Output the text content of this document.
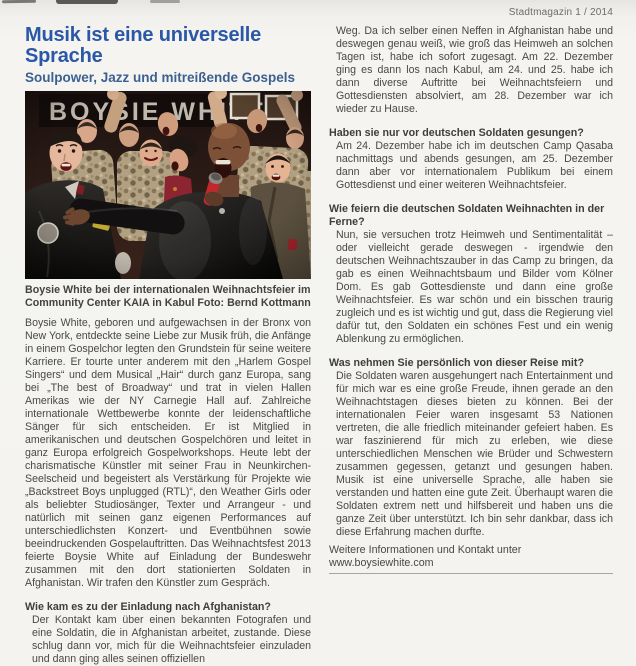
Stadtmagazin 1 / 2014
Musik ist eine universelle Sprache
Soulpower, Jazz und mitreißende Gospels

Boysie White bei der internationalen Weihnachtsfeier im Community Center KAIA in Kabul Foto: Bernd Kottmann

Boysie White, geboren und aufgewachsen in der Bronx von New York, entdeckte seine Liebe zur Musik früh, die Anfänge in einem Gospelchor legten den Grundstein für seine weitere Karriere. Er tourte unter anderem mit den „Harlem Gospel Singers“ und dem Musical „Hair“ durch ganz Europa, sang bei „The best of Broadway“ und trat in vielen Hallen Amerikas wie der NY Carnegie Hall auf. Zahlreiche internationale Wettbewerbe konnte der leidenschaftliche Sänger für sich entscheiden. Er ist Mitglied in amerikanischen und deutschen Gospelchören und leitet in ganz Europa erfolgreich Gospelworkshops. Heute lebt der charismatische Künstler mit seiner Frau in Neunkirchen-Seelscheid und begeistert als Verstärkung für Projekte wie „Backstreet Boys unplugged (RTL)“, den Weather Girls oder als beliebter Studiosänger, Texter und Arrangeur - und natürlich mit seinen ganz eigenen Performances auf unterschiedlichsten Konzert- und Eventbühnen sowie beeindruckenden Gospelauftritten. Das Weihnachtsfest 2013 feierte Boysie White auf Einladung der Bundeswehr zusammen mit den dort stationierten Soldaten in Afghanistan. Wir trafen den Künstler zum Gespräch.

Wie kam es zu der Einladung nach Afghanistan?

Der Kontakt kam über einen bekannten Fotografen und eine Soldatin, die in Afghanistan arbeitet, zustande. Diese schlug dann vor, mich für die Weihnachtsfeier einzuladen und dann ging alles seinen offiziellen

Weg. Da ich selber einen Neffen in Afghanistan habe und deswegen genau weiß, wie groß das Heimweh an solchen Tagen ist, habe ich sofort zugesagt. Am 22. Dezember ging es dann los nach Kabul, am 24. und 25. habe ich dann diverse Auftritte bei Weihnachtsfeiern und Gottesdiensten absolviert, am 28. Dezember war ich wieder zu Hause.

Haben sie nur vor deutschen Soldaten gesungen?

Am 24. Dezember habe ich im deutschen Camp Qasaba nachmittags und abends gesungen, am 25. Dezember dann aber vor internationalem Publikum bei einem Gottesdienst und einer weiteren Weihnachtsfeier.

Wie feiern die deutschen Soldaten Weihnachten in der Ferne?

Nun, sie versuchen trotz Heimweh und Sentimentalität – oder vielleicht gerade deswegen - irgendwie den deutschen Weihnachtszauber in das Camp zu bringen, da gab es einen Weihnachtsbaum und Bilder vom Kölner Dom. Es gab Gottesdienste und dann eine große Weihnachtsfeier. Es war schön und ein bisschen traurig zugleich und es ist wichtig und gut, dass die Regierung viel dafür tut, den Soldaten ein schönes Fest und ein wenig Ablenkung zu ermöglichen.

Was nehmen Sie persönlich von dieser Reise mit?

Die Soldaten waren ausgehungert nach Entertainment und für mich war es eine große Freude, ihnen gerade an den Weihnachtstagen dieses bieten zu können. Bei der internationalen Feier waren insgesamt 53 Nationen vertreten, die alle friedlich miteinander gefeiert haben. Es war faszinierend für mich zu erleben, wie diese unterschiedlichen Menschen wie Brüder und Schwestern zusammen gegessen, getanzt und gesungen haben. Musik ist eine universelle Sprache, alle haben sie verstanden und hatten eine gute Zeit. Überhaupt waren die Soldaten extrem nett und hilfsbereit und haben uns die ganze Zeit über unterstützt. Ich bin sehr dankbar, dass ich diese Erfahrung machen durfte.

Weitere Informationen und Kontakt unter www.boysiewhite.com
